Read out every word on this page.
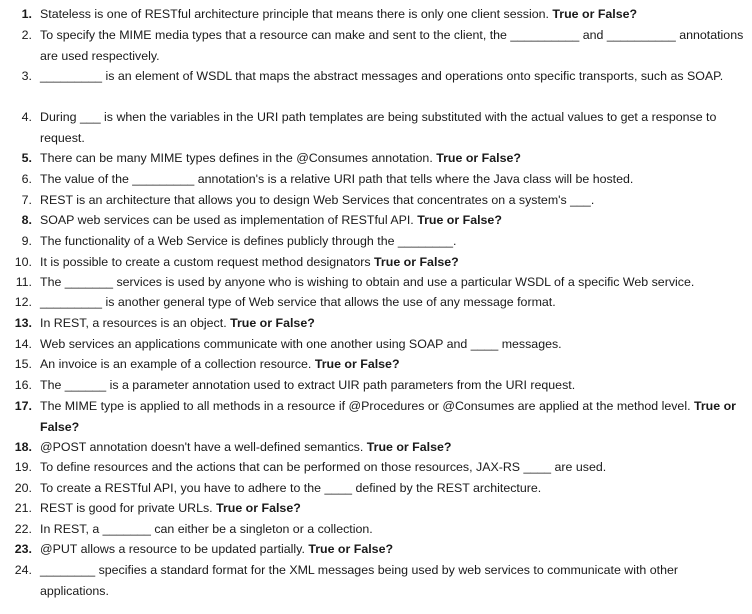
1. Stateless is one of RESTful architecture principle that means there is only one client session. True or False?
2. To specify the MIME media types that a resource can make and sent to the client, the __________ and __________ annotations are used respectively.
3. _________ is an element of WSDL that maps the abstract messages and operations onto specific transports, such as SOAP.
4. During ___ is when the variables in the URI path templates are being substituted with the actual values to get a response to request.
5. There can be many MIME types defines in the @Consumes annotation. True or False?
6. The value of the _________ annotation's is a relative URI path that tells where the Java class will be hosted.
7. REST is an architecture that allows you to design Web Services that concentrates on a system's ___.
8. SOAP web services can be used as implementation of RESTful API. True or False?
9. The functionality of a Web Service is defines publicly through the ________.
10. It is possible to create a custom request method designators True or False?
11. The _______ services is used by anyone who is wishing to obtain and use a particular WSDL of a specific Web service.
12. _________ is another general type of Web service that allows the use of any message format.
13. In REST, a resources is an object. True or False?
14. Web services an applications communicate with one another using SOAP and ____ messages.
15. An invoice is an example of a collection resource. True or False?
16. The ______ is a parameter annotation used to extract UIR path parameters from the URI request.
17. The MIME type is applied to all methods in a resource if @Procedures or @Consumes are applied at the method level. True or False?
18. @POST annotation doesn't have a well-defined semantics. True or False?
19. To define resources and the actions that can be performed on those resources, JAX-RS ____ are used.
20. To create a RESTful API, you have to adhere to the ____ defined by the REST architecture.
21. REST is good for private URLs. True or False?
22. In REST, a _______ can either be a singleton or a collection.
23. @PUT allows a resource to be updated partially. True or False?
24. ________ specifies a standard format for the XML messages being used by web services to communicate with other applications.
